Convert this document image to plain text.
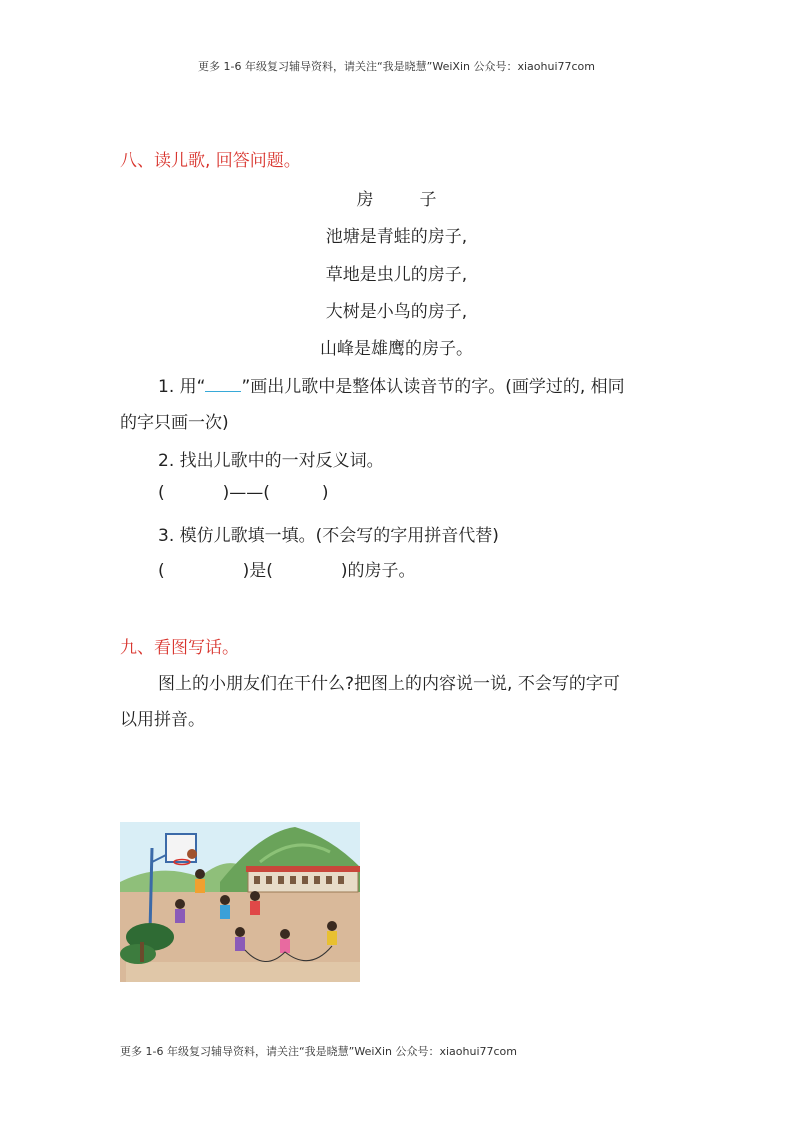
更多 1-6 年级复习辅导资料，请关注“我是晓慧”WeiXin 公众号：xiaohui77com
八、读儿歌, 回答问题。
房	子
池塘是青蛙的房子,
草地是虫儿的房子,
大树是小鸟的房子,
山峰是雄鹰的房子。
1. 用“ ”画出儿歌中是整体认读音节的字。(画学过的, 相同
的字只画一次)
2. 找出儿歌中的一对反义词。
(	)——(	)
3. 模仿儿歌填一填。(不会写的字用拼音代替)
(	)是(	)的房子。
九、看图写话。
图上的小朋友们在干什么?把图上的内容说一说, 不会写的字可
以用拼音。
更多 1-6 年级复习辅导资料，请关注“我是晓慧”WeiXin 公众号：xiaohui77com
